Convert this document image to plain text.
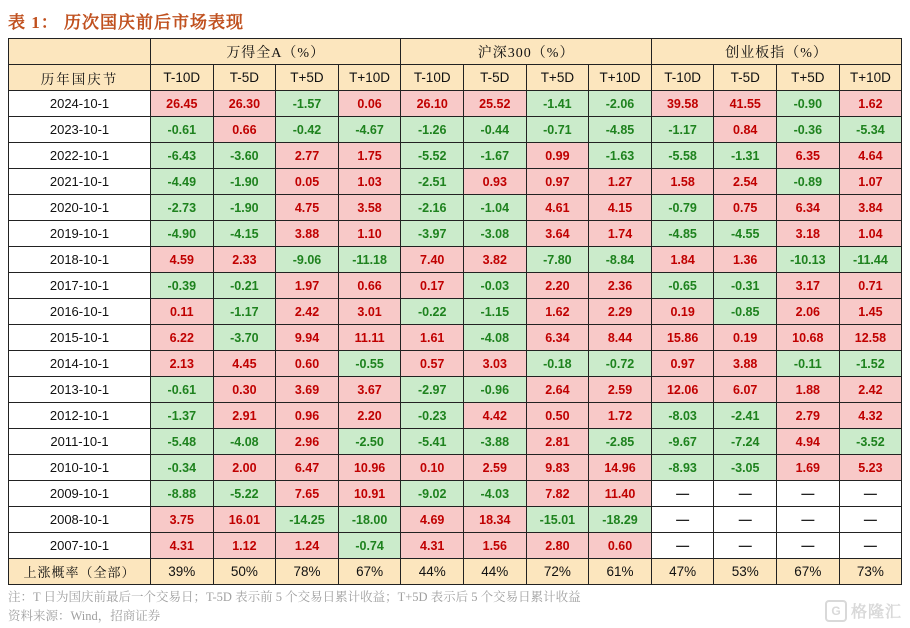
表 1： 历次国庆前后市场表现
	万得全A（%）				沪深300（%）				创业板指（%）			
历年国庆节	T-10D	T-5D	T+5D	T+10D	T-10D	T-5D	T+5D	T+10D	T-10D	T-5D	T+5D	T+10D
2024-10-1	26.45	26.30	-1.57	0.06	26.10	25.52	-1.41	-2.06	39.58	41.55	-0.90	1.62
2023-10-1	-0.61	0.66	-0.42	-4.67	-1.26	-0.44	-0.71	-4.85	-1.17	0.84	-0.36	-5.34
2022-10-1	-6.43	-3.60	2.77	1.75	-5.52	-1.67	0.99	-1.63	-5.58	-1.31	6.35	4.64
2021-10-1	-4.49	-1.90	0.05	1.03	-2.51	0.93	0.97	1.27	1.58	2.54	-0.89	1.07
2020-10-1	-2.73	-1.90	4.75	3.58	-2.16	-1.04	4.61	4.15	-0.79	0.75	6.34	3.84
2019-10-1	-4.90	-4.15	3.88	1.10	-3.97	-3.08	3.64	1.74	-4.85	-4.55	3.18	1.04
2018-10-1	4.59	2.33	-9.06	-11.18	7.40	3.82	-7.80	-8.84	1.84	1.36	-10.13	-11.44
2017-10-1	-0.39	-0.21	1.97	0.66	0.17	-0.03	2.20	2.36	-0.65	-0.31	3.17	0.71
2016-10-1	0.11	-1.17	2.42	3.01	-0.22	-1.15	1.62	2.29	0.19	-0.85	2.06	1.45
2015-10-1	6.22	-3.70	9.94	11.11	1.61	-4.08	6.34	8.44	15.86	0.19	10.68	12.58
2014-10-1	2.13	4.45	0.60	-0.55	0.57	3.03	-0.18	-0.72	0.97	3.88	-0.11	-1.52
2013-10-1	-0.61	0.30	3.69	3.67	-2.97	-0.96	2.64	2.59	12.06	6.07	1.88	2.42
2012-10-1	-1.37	2.91	0.96	2.20	-0.23	4.42	0.50	1.72	-8.03	-2.41	2.79	4.32
2011-10-1	-5.48	-4.08	2.96	-2.50	-5.41	-3.88	2.81	-2.85	-9.67	-7.24	4.94	-3.52
2010-10-1	-0.34	2.00	6.47	10.96	0.10	2.59	9.83	14.96	-8.93	-3.05	1.69	5.23
2009-10-1	-8.88	-5.22	7.65	10.91	-9.02	-4.03	7.82	11.40	—	—	—	—
2008-10-1	3.75	16.01	-14.25	-18.00	4.69	18.34	-15.01	-18.29	—	—	—	—
2007-10-1	4.31	1.12	1.24	-0.74	4.31	1.56	2.80	0.60	—	—	—	—
上涨概率（全部）	39%	50%	78%	67%	44%	44%	72%	61%	47%	53%	67%	73%
注：T 日为国庆前最后一个交易日；T-5D 表示前 5 个交易日累计收益；T+5D 表示后 5 个交易日累计收益
资料来源：Wind，招商证券	G 格隆汇
